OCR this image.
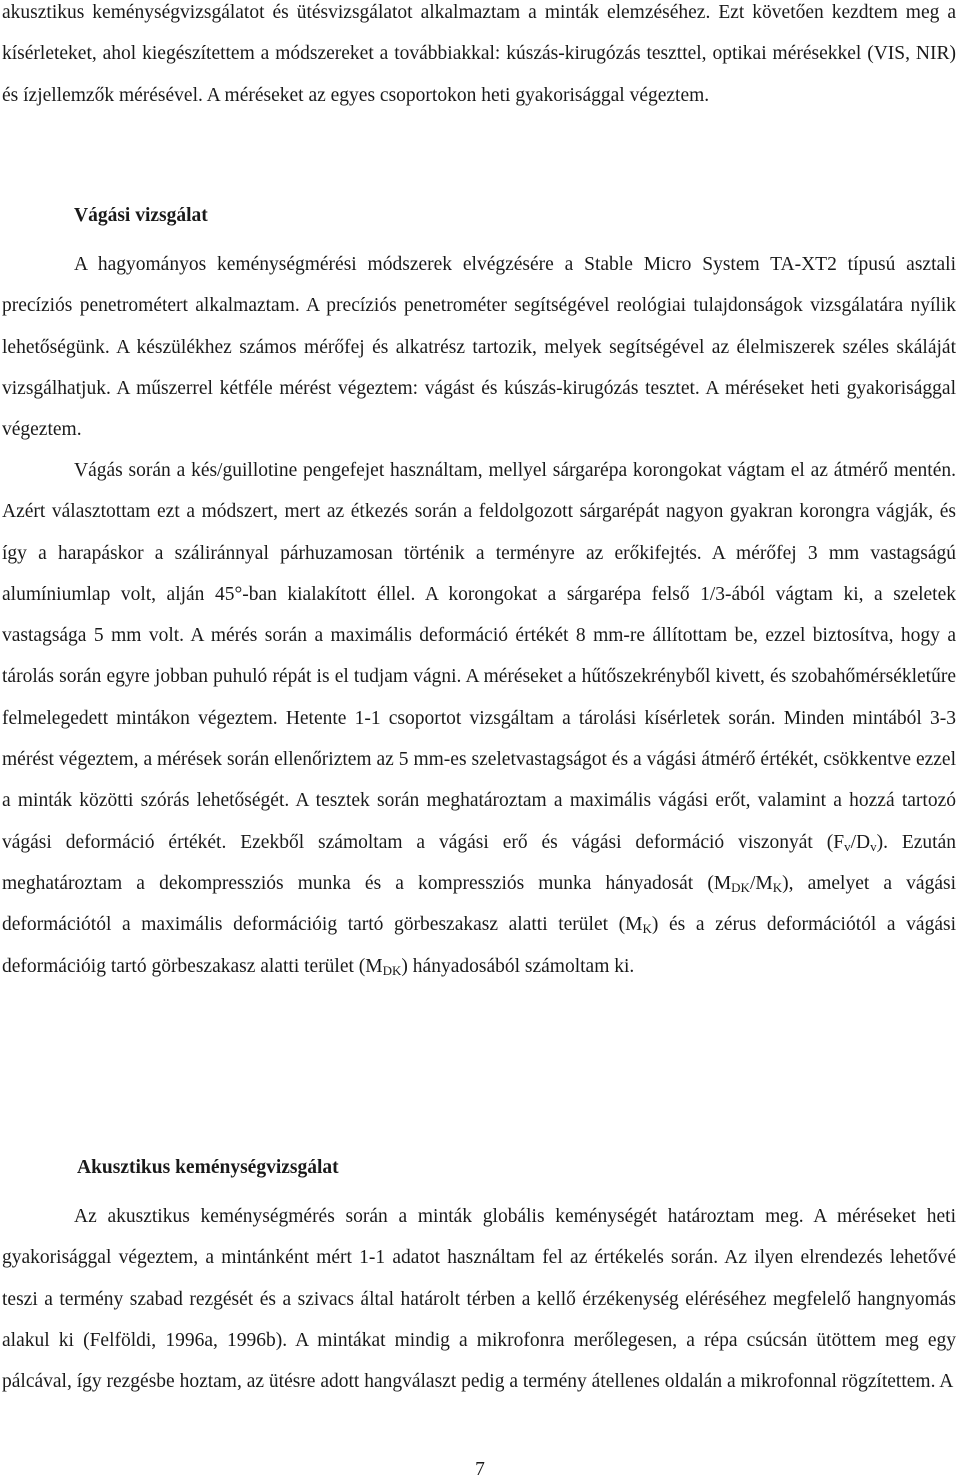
akusztikus keménységvizsgálatot és ütésvizsgálatot alkalmaztam a minták elemzéséhez. Ezt követően kezdtem meg a kísérleteket, ahol kiegészítettem a módszereket a továbbiakkal: kúszás-kirugózás teszttel, optikai mérésekkel (VIS, NIR) és ízjellemzők mérésével. A méréseket az egyes csoportokon heti gyakorisággal végeztem.

Vágási vizsgálat

A hagyományos keménységmérési módszerek elvégzésére a Stable Micro System TA-XT2 típusú asztali precíziós penetrométert alkalmaztam. A precíziós penetrométer segítségével reológiai tulajdonságok vizsgálatára nyílik lehetőségünk. A készülékhez számos mérőfej és alkatrész tartozik, melyek segítségével az élelmiszerek széles skáláját vizsgálhatjuk. A műszerrel kétféle mérést végeztem: vágást és kúszás-kirugózás tesztet. A méréseket heti gyakorisággal végeztem.

Vágás során a kés/guillotine pengefejet használtam, mellyel sárgarépa korongokat vágtam el az átmérő mentén. Azért választottam ezt a módszert, mert az étkezés során a feldolgozott sárgarépát nagyon gyakran korongra vágják, és így a harapáskor a száliránnyal párhuzamosan történik a terményre az erőkifejtés. A mérőfej 3 mm vastagságú alumíniumlap volt, alján 45°-ban kialakított éllel. A korongokat a sárgarépa felső 1/3-ából vágtam ki, a szeletek vastagsága 5 mm volt. A mérés során a maximális deformáció értékét 8 mm-re állítottam be, ezzel biztosítva, hogy a tárolás során egyre jobban puhuló répát is el tudjam vágni. A méréseket a hűtőszekrényből kivett, és szobahőmérsékletűre felmelegedett mintákon végeztem. Hetente 1-1 csoportot vizsgáltam a tárolási kísérletek során. Minden mintából 3-3 mérést végeztem, a mérések során ellenőriztem az 5 mm-es szeletvastagságot és a vágási átmérő értékét, csökkentve ezzel a minták közötti szórás lehetőségét. A tesztek során meghatároztam a maximális vágási erőt, valamint a hozzá tartozó vágási deformáció értékét. Ezekből számoltam a vágási erő és vágási deformáció viszonyát $(F_v/D_v)$. Ezután meghatároztam a dekompressziós munka és a kompressziós munka hányadosát $(M_{DK}/M_K)$, amelyet a vágási deformációtól a maximális deformációig tartó görbeszakasz alatti terület $(M_K)$ és a zérus deformációtól a vágási deformációig tartó görbeszakasz alatti terület $(M_{DK})$ hányadosából számoltam ki.

Akusztikus keménységvizsgálat

Az akusztikus keménységmérés során a minták globális keménységét határoztam meg. A méréseket heti gyakorisággal végeztem, a mintánként mért 1-1 adatot használtam fel az értékelés során. Az ilyen elrendezés lehetővé teszi a termény szabad rezgését és a szivacs által határolt térben a kellő érzékenység eléréséhez megfelelő hangnyomás alakul ki (Felföldi, 1996a, 1996b). A mintákat mindig a mikrofonra merőlegesen, a répa csúcsán ütöttem meg egy pálcával, így rezgésbe hoztam, az ütésre adott hangválaszt pedig a termény átellenes oldalán a mikrofonnal rögzítettem. A

7
